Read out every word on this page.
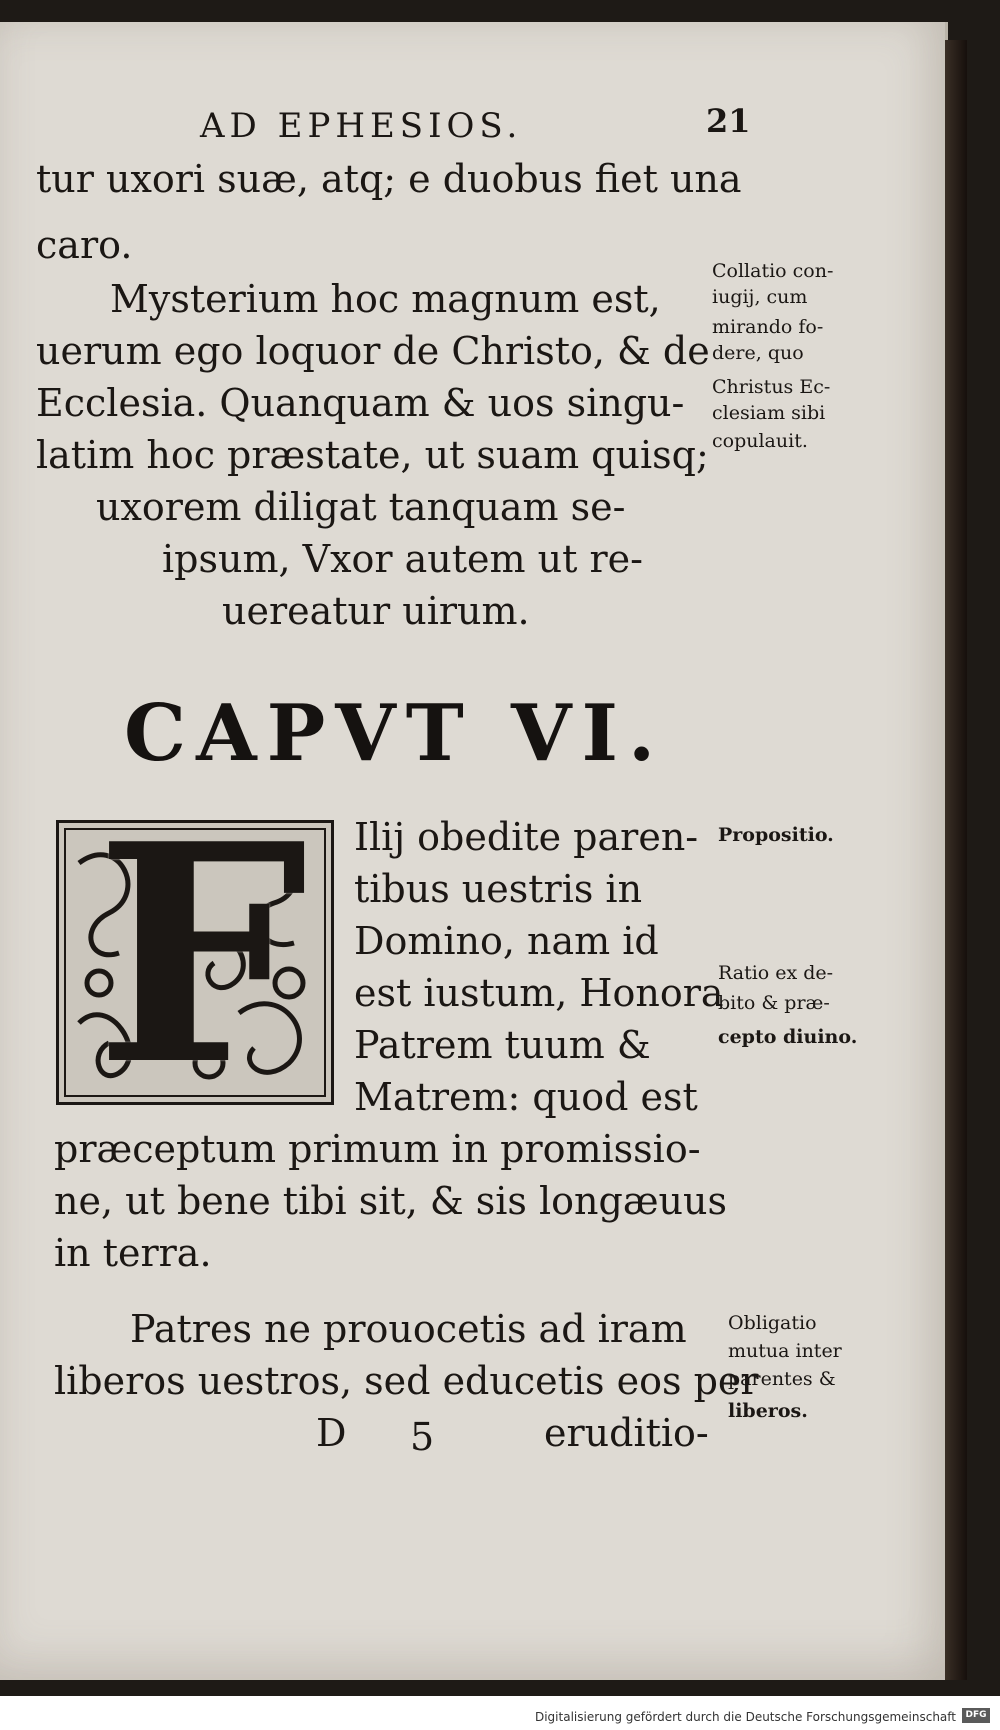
AD EPHESIOS.	21
tur uxori suæ, atq; e duobus fiet una
caro.
Mysterium hoc magnum est,
uerum ego loquor de Christo, & de
Ecclesia. Quanquam & uos singu-
latim hoc præstate, ut suam quisq;
uxorem diligat tanquam se-
ipsum, Vxor autem ut re-
uereatur uirum.
Collatio con-
iugij, cum
mirando fo-
dere, quo
Christus Ec-
clesiam sibi
copulauit.
CAPVT VI.
F Ilij obedite paren-
tibus uestris in
Domino, nam id
est iustum, Honora
Patrem tuum &
Matrem: quod est
præceptum primum in promissio-
ne, ut bene tibi sit, & sis longæuus
in terra.
Propositio.
Ratio ex de-
bito & præ-
cepto diuino.
Patres ne prouocetis ad iram
liberos uestros, sed educetis eos per
Obligatio
mutua inter
parentes &
liberos.
D 5	eruditio-
Digitalisierung gefördert durch die Deutsche Forschungsgemeinschaft	DFG
